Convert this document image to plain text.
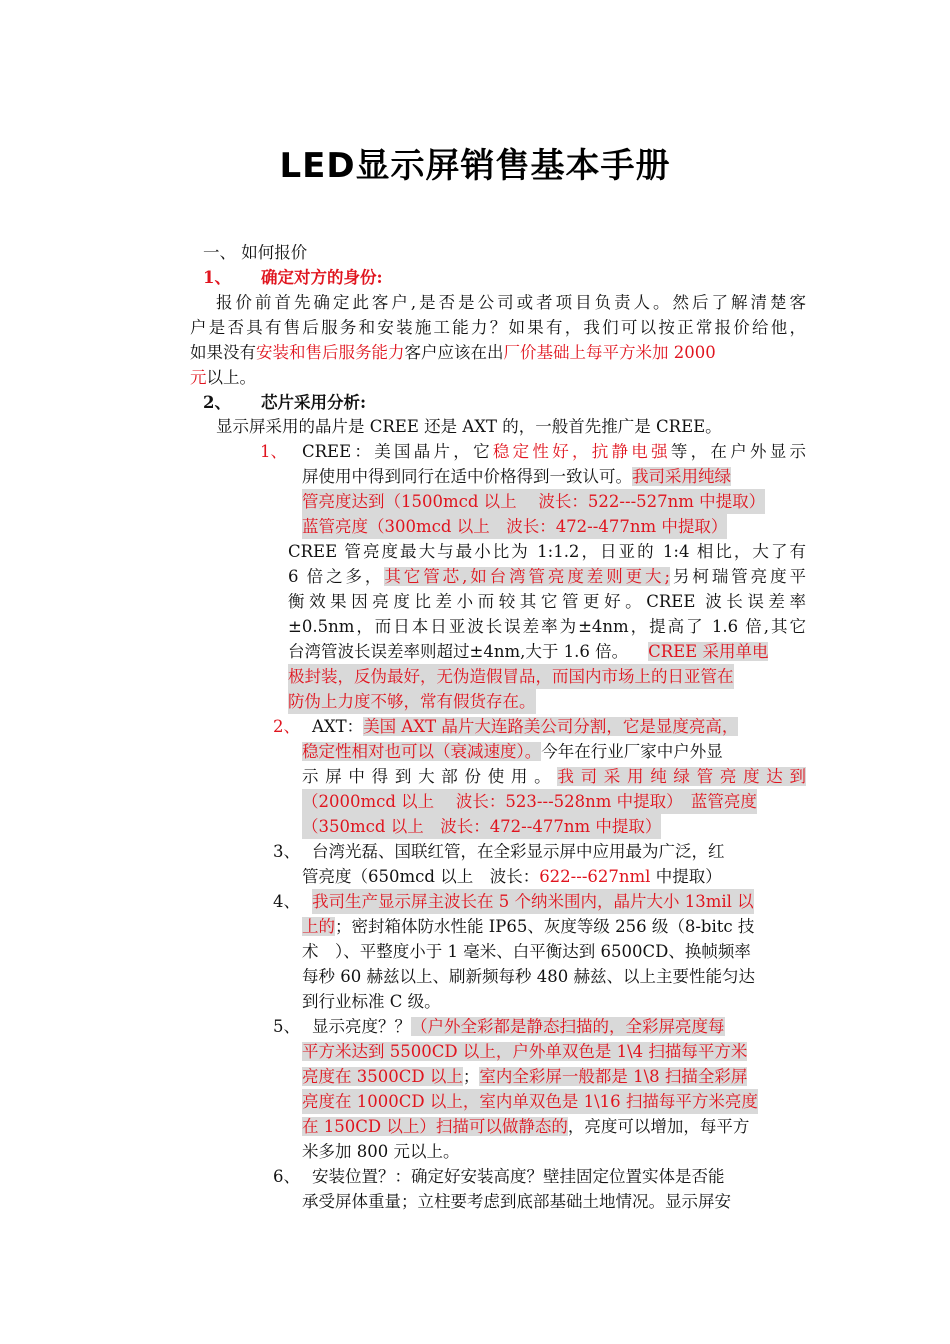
LED显示屏销售基本手册
一、 如何报价
1、 确定对方的身份:
报价前首先确定此客户,是否是公司或者项目负责人。然后了解清楚客
户是否具有售后服务和安装施工能力？如果有，我们可以按正常报价给他，
如果没有安装和售后服务能力客户应该在出厂价基础上每平方米加 2000
元以上。
2、 芯片采用分析:
显示屏采用的晶片是 CREE 还是 AXT 的，一般首先推广是 CREE。
1、 CREE：美国晶片，它稳定性好，抗静电强等，在户外显示
屏使用中得到同行在适中价格得到一致认可。我司采用纯绿
管亮度达到（1500mcd 以上　 波长：522---527nm 中提取）
蓝管亮度（300mcd 以上　波长：472--477nm 中提取）
CREE 管亮度最大与最小比为 1:1.2，日亚的 1:4 相比，大了有
6 倍之多，其它管芯,如台湾管亮度差则更大;另柯瑞管亮度平
衡效果因亮度比差小而较其它管更好。CREE 波长误差率
±0.5nm，而日本日亚波长误差率为±4nm，提高了 1.6 倍,其它
台湾管波长误差率则超过±4nm,大于 1.6 倍。 CREE 采用单电
极封装，反伪最好，无伪造假冒品，而国内市场上的日亚管在
防伪上力度不够，常有假货存在。
2、 AXT：美国 AXT 晶片大连路美公司分割，它是显度亮高，
稳定性相对也可以（衰减速度）。今年在行业厂家中户外显
示屏中得到大部份使用。我司采用纯绿管亮度达到
（2000mcd 以上　 波长：523---528nm 中提取）　蓝管亮度
（350mcd 以上　波长：472--477nm 中提取）
3、 台湾光磊、国联红管，在全彩显示屏中应用最为广泛，红
管亮度（650mcd 以上　波长：622---627nml 中提取）
4、 我司生产显示屏主波长在 5 个纳米围内，晶片大小 13mil 以
上的；密封箱体防水性能 IP65、灰度等级 256 级（8-bitc 技
术　）、平整度小于 1 毫米、白平衡达到 6500CD、换帧频率
每秒 60 赫兹以上、刷新频每秒 480 赫兹、以上主要性能匀达
到行业标准 C 级。
5、 显示亮度？？（户外全彩都是静态扫描的，全彩屏亮度每
平方米达到 5500CD 以上，户外单双色是 1\4 扫描每平方米
亮度在 3500CD 以上；室内全彩屏一般都是 1\8 扫描全彩屏
亮度在 1000CD 以上，室内单双色是 1\16 扫描每平方米亮度
在 150CD 以上）扫描可以做静态的，亮度可以增加，每平方
米多加 800 元以上。
6、 安装位置？：确定好安装高度？壁挂固定位置实体是否能
承受屏体重量；立柱要考虑到底部基础土地情况。显示屏安
